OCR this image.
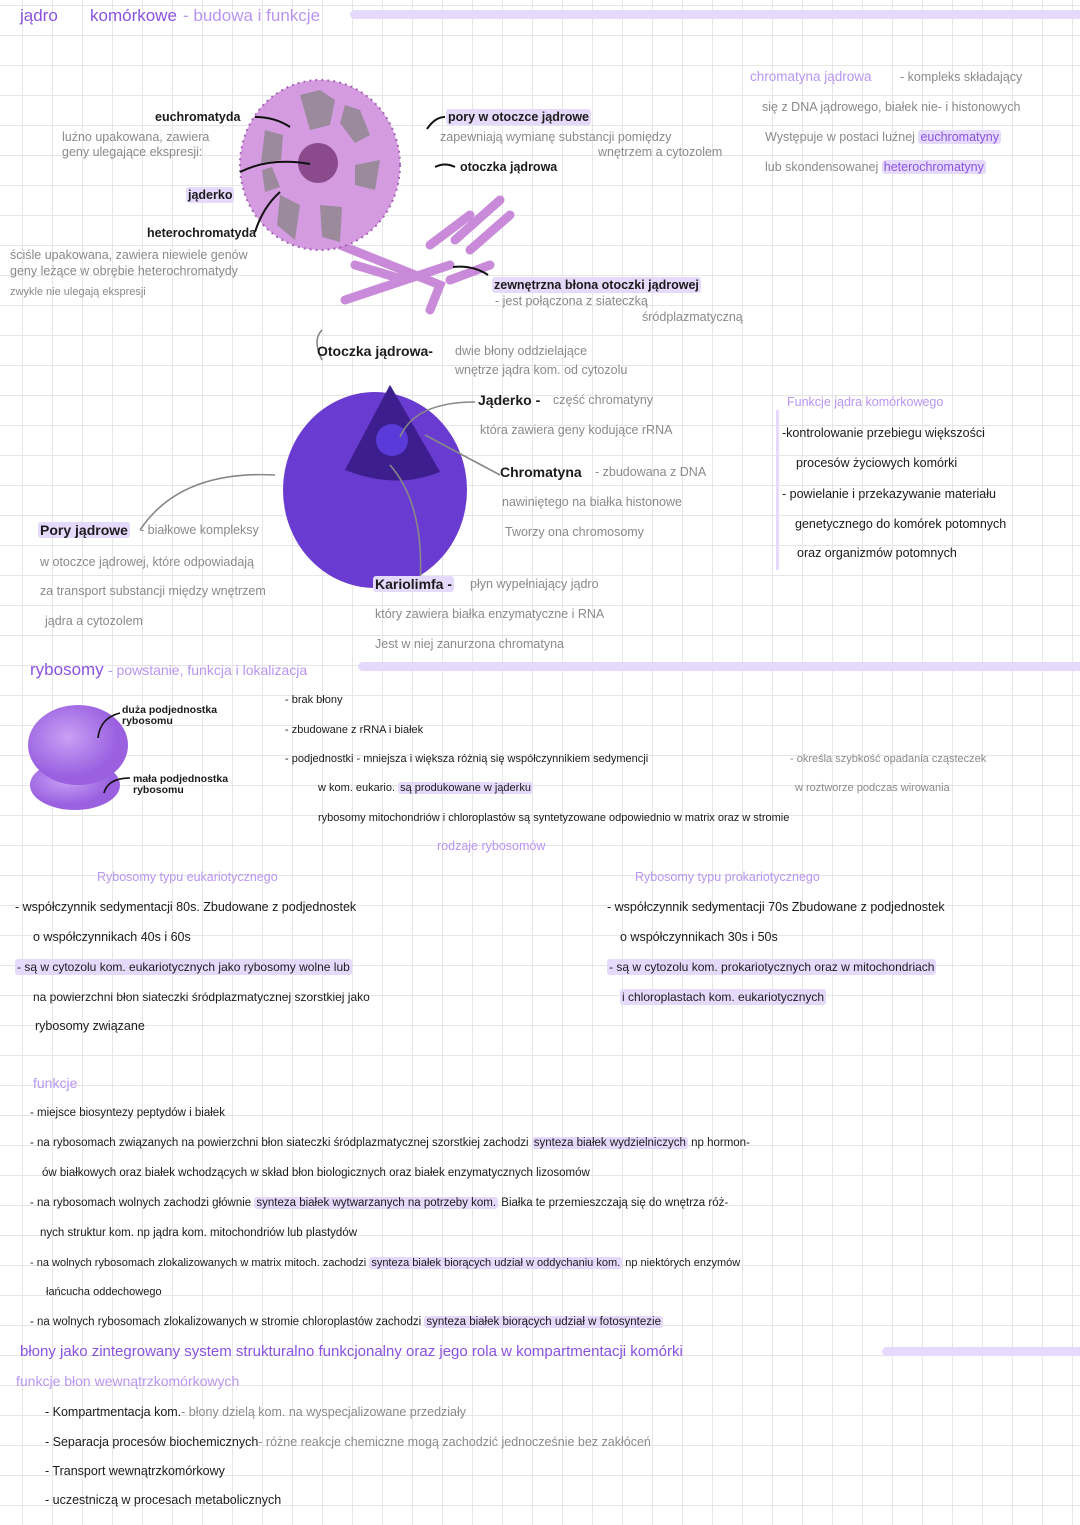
jądro komórkowe - budowa i funkcje
euchromatyda
luźno upakowana, zawiera
geny ulegające ekspresji:
jąderko
heterochromatyda
ściśle upakowana, zawiera niewiele genów
geny leżące w obrębie heterochromatydy
zwykle nie ulegają ekspresji
pory w otoczce jądrowe
zapewniają wymianę substancji pomiędzy
wnętrzem a cytozolem
otoczka jądrowa
zewnętrzna błona otoczki jądrowej
- jest połączona z siateczką
śródplazmatyczną
chromatyna jądrowa - kompleks składający
się z DNA jądrowego, białek nie- i histonowych
Występuje w postaci luźnej euchromatyny
lub skondensowanej heterochromatyny
Otoczka jądrowa- dwie błony oddzielające
wnętrze jądra kom. od cytozolu
Jąderko - część chromatyny
która zawiera geny kodujące rRNA
Chromatyna - zbudowana z DNA
nawiniętego na białka histonowe
Tworzy ona chromosomy
Pory jądrowe - białkowe kompleksy
w otoczce jądrowej, które odpowiadają
za transport substancji między wnętrzem
jądra a cytozolem
Kariolimfa - płyn wypełniający jądro
który zawiera białka enzymatyczne i RNA
Jest w niej zanurzona chromatyna
Funkcje jądra komórkowego
-kontrolowanie przebiegu większości
procesów życiowych komórki
- powielanie i przekazywanie materiału
genetycznego do komórek potomnych
oraz organizmów potomnych
rybosomy - powstanie, funkcja i lokalizacja
duża podjednostka rybosomu
mała podjednostka rybosomu
- brak błony
- zbudowane z rRNA i białek
- podjednostki - mniejsza i większa różnią się współczynnikiem sedymencji	- określa szybkość opadania cząsteczek
w roztworze podczas wirowania
w kom. eukario. są produkowane w jąderku
rybosomy mitochondriów i chloroplastów są syntetyzowane odpowiednio w matrix oraz w stromie
rodzaje rybosomów
Rybosomy typu eukariotycznego
- współczynnik sedymentacji 80s. Zbudowane z podjednostek
o współczynnikach 40s i 60s
- są w cytozolu kom. eukariotycznych jako rybosomy wolne lub
na powierzchni błon siateczki śródplazmatycznej szorstkiej jako
rybosomy związane
Rybosomy typu prokariotycznego
- współczynnik sedymentacji 70s Zbudowane z podjednostek
o współczynnikach 30s i 50s
- są w cytozolu kom. prokariotycznych oraz w mitochondriach
i chloroplastach kom. eukariotycznych
funkcje
- miejsce biosyntezy peptydów i białek
- na rybosomach związanych na powierzchni błon siateczki śródplazmatycznej szorstkiej zachodzi synteza białek wydzielniczych np hormon-
ów białkowych oraz białek wchodzących w skład błon biologicznych oraz białek enzymatycznych lizosomów
- na rybosomach wolnych zachodzi głównie synteza białek wytwarzanych na potrzeby kom. Białka te przemieszczają się do wnętrza róż-
nych struktur kom. np jądra kom. mitochondriów lub plastydów
- na wolnych rybosomach zlokalizowanych w matrix mitoch. zachodzi synteza białek biorących udział w oddychaniu kom. np niektórych enzymów
łańcucha oddechowego
- na wolnych rybosomach zlokalizowanych w stromie chloroplastów zachodzi synteza białek biorących udział w fotosyntezie
błony jako zintegrowany system strukturalno funkcjonalny oraz jego rola w kompartmentacji komórki
funkcje błon wewnątrzkomórkowych
- Kompartmentacja kom.- błony dzielą kom. na wyspecjalizowane przedziały
- Separacja procesów biochemicznych- różne reakcje chemiczne mogą zachodzić jednocześnie bez zakłóceń
- Transport wewnątrzkomórkowy
- uczestniczą w procesach metabolicznych
